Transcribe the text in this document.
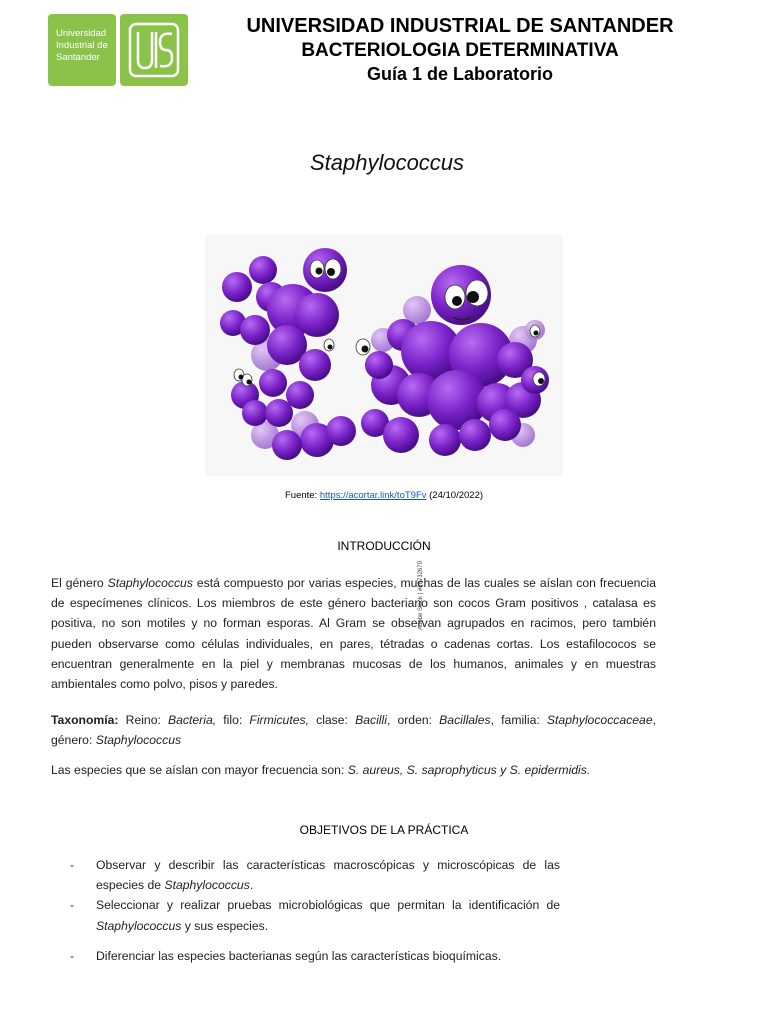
Universidad
Industrial de
Santander
UNIVERSIDAD INDUSTRIAL DE SANTANDER
BACTERIOLOGIA DETERMINATIVA
Guía 1 de Laboratorio
Staphylococcus
Adobe Stock | #88732679
Fuente: https://acortar.link/toT9Fv (24/10/2022)
INTRODUCCIÓN
El género Staphylococcus está compuesto por varias especies, muchas de las cuales se aíslan con frecuencia de especímenes clínicos. Los miembros de este género bacteriano son cocos Gram positivos , catalasa es positiva, no son motiles y no forman esporas. Al Gram se observan agrupados en racimos, pero también pueden observarse como células individuales, en pares, tétradas o cadenas cortas. Los estafilococos se encuentran generalmente en la piel y membranas mucosas de los humanos, animales y en muestras ambientales como polvo, pisos y paredes.
Taxonomía: Reino: Bacteria, filo: Firmicutes, clase: Bacilli, orden: Bacillales, familia: Staphylococcaceae, género: Staphylococcus
Las especies que se aíslan con mayor frecuencia son: S. aureus, S. saprophyticus y S. epidermidis.
OBJETIVOS DE LA PRÁCTICA
- Observar y describir las características macroscópicas y microscópicas de las especies de Staphylococcus.
- Seleccionar y realizar pruebas microbiológicas que permitan la identificación de Staphylococcus y sus especies.
- Diferenciar las especies bacterianas según las características bioquímicas.
